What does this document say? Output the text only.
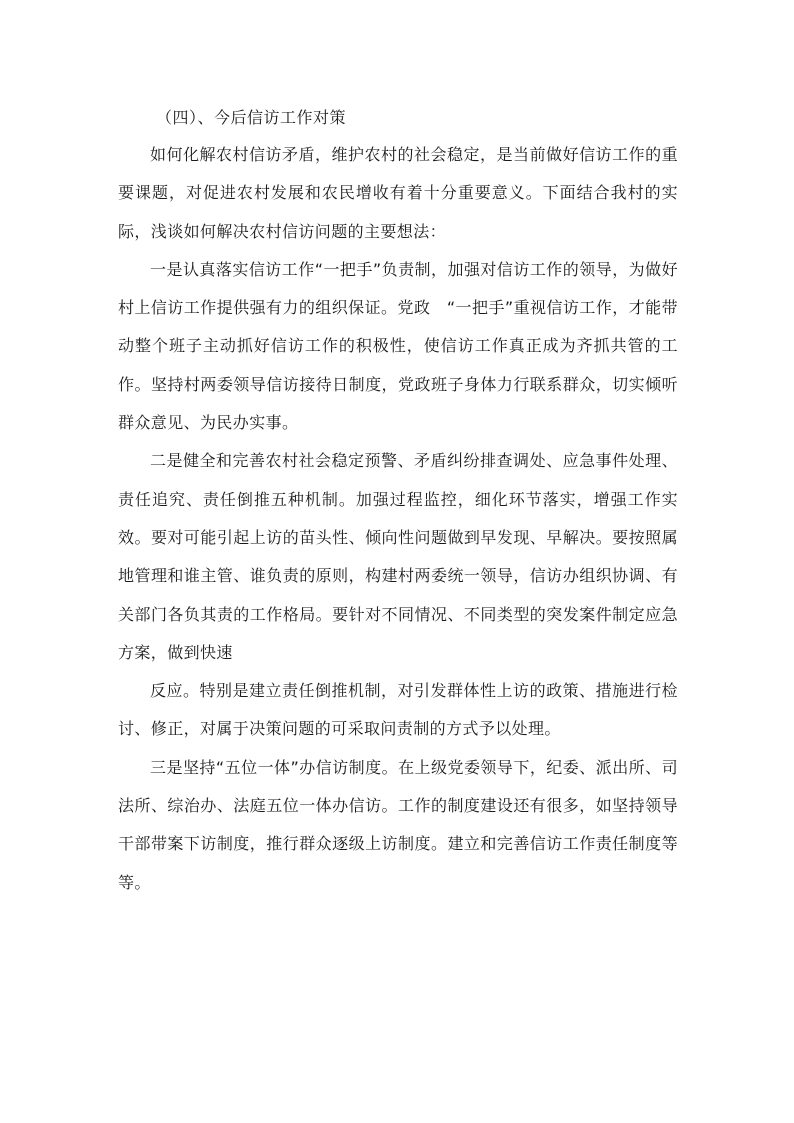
（四）、今后信访工作对策

如何化解农村信访矛盾，维护农村的社会稳定，是当前做好信访工作的重要课题，对促进农村发展和农民增收有着十分重要意义。下面结合我村的实际，浅谈如何解决农村信访问题的主要想法：

一是认真落实信访工作“一把手”负责制，加强对信访工作的领导，为做好村上信访工作提供强有力的组织保证。党政　“一把手”重视信访工作，才能带动整个班子主动抓好信访工作的积极性，使信访工作真正成为齐抓共管的工作。坚持村两委领导信访接待日制度，党政班子身体力行联系群众，切实倾听群众意见、为民办实事。

二是健全和完善农村社会稳定预警、矛盾纠纷排查调处、应急事件处理、责任追究、责任倒推五种机制。加强过程监控，细化环节落实，增强工作实效。要对可能引起上访的苗头性、倾向性问题做到早发现、早解决。要按照属地管理和谁主管、谁负责的原则，构建村两委统一领导，信访办组织协调、有关部门各负其责的工作格局。要针对不同情况、不同类型的突发案件制定应急方案，做到快速

反应。特别是建立责任倒推机制，对引发群体性上访的政策、措施进行检讨、修正，对属于决策问题的可采取问责制的方式予以处理。

三是坚持“五位一体”办信访制度。在上级党委领导下，纪委、派出所、司法所、综治办、法庭五位一体办信访。工作的制度建设还有很多，如坚持领导干部带案下访制度，推行群众逐级上访制度。建立和完善信访工作责任制度等等。
